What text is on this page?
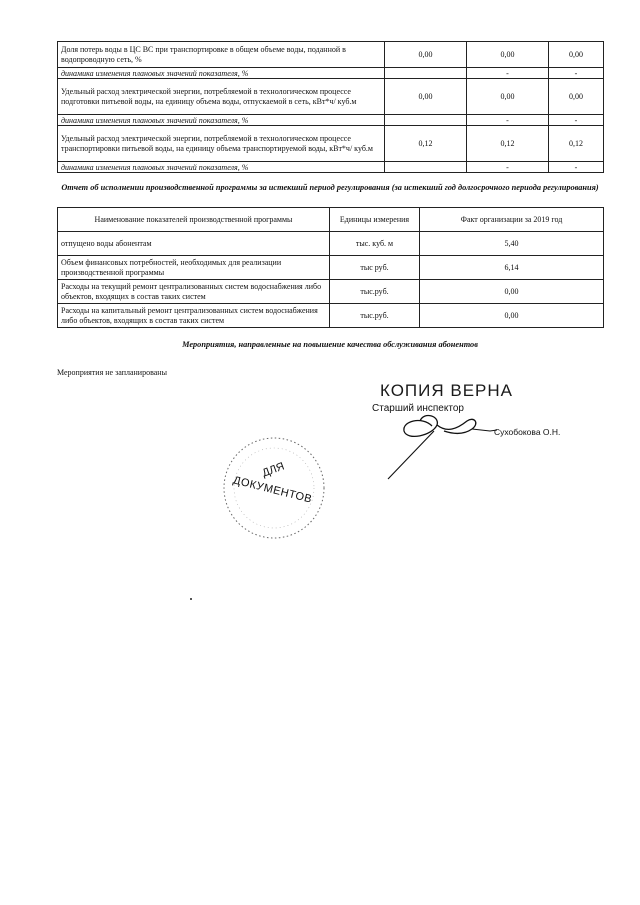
Доля потерь воды в ЦС ВС при транспортировке в общем объеме воды, поданной в водопроводную сеть, %	0,00	0,00	0,00
динамика изменения плановых значений показателя, %		-	-
Удельный расход электрической энергии, потребляемой в технологическом процессе подготовки питьевой воды, на единицу объема воды, отпускаемой в сеть, кВт*ч/ куб.м	0,00	0,00	0,00
динамика изменения плановых значений показателя, %		-	-
Удельный расход электрической энергии, потребляемой в технологическом процессе транспортировки питьевой воды, на единицу объема транспортируемой воды, кВт*ч/ куб.м	0,12	0,12	0,12
динамика изменения плановых значений показателя, %		-	-
Отчет об исполнении производственной программы за истекший период регулирования (за истекший год долгосрочного периода регулирования)
Наименование показателей производственной программы	Единицы измерения	Факт организации за 2019 год
отпущено воды абонентам	тыс. куб. м	5,40
Объем финансовых потребностей, необходимых для реализации производственной программы	тыс руб.	6,14
Расходы на текущий ремонт централизованных систем водоснабжения либо объектов, входящих в состав таких систем	тыс.руб.	0,00
Расходы на капитальный ремонт централизованных систем водоснабжения либо объектов, входящих в состав таких систем	тыс.руб.	0,00
Мероприятия, направленные на повышение качества обслуживания абонентов
Мероприятия не запланированы
КОПИЯ ВЕРНА
Старший инспектор
Сухобокова О.Н.
ДЛЯ
ДОКУМЕНТОВ
